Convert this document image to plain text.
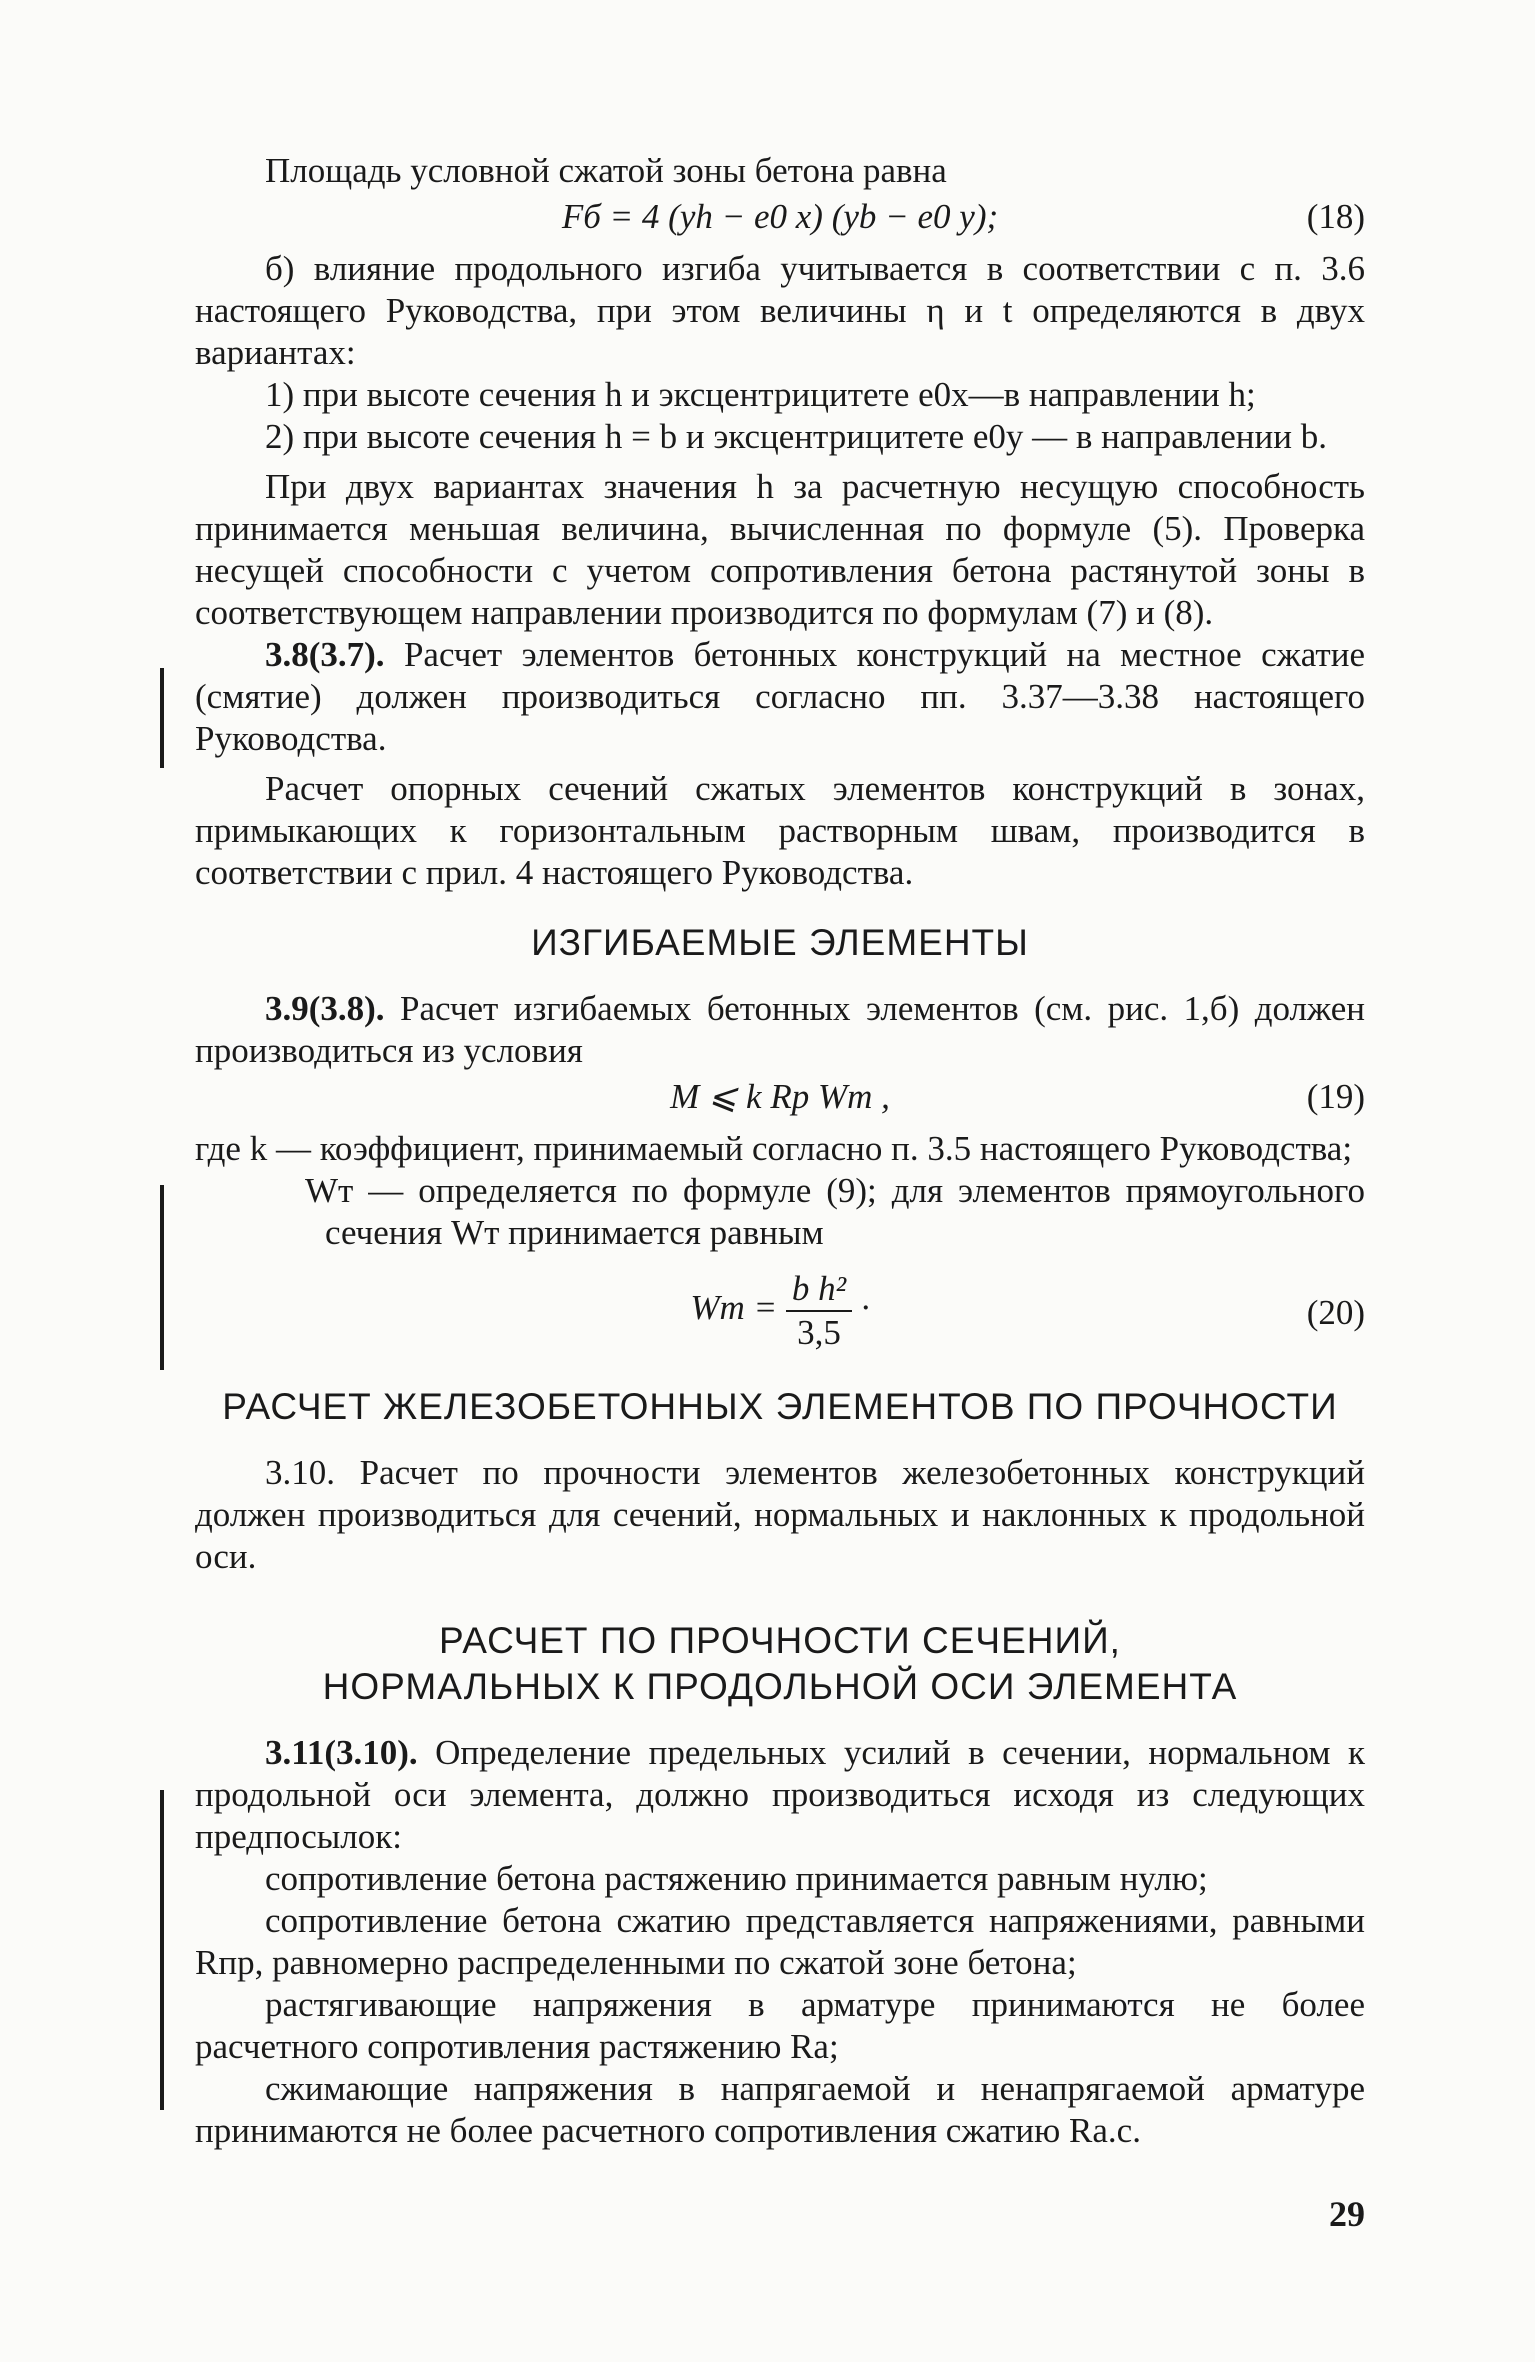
Площадь условной сжатой зоны бетона равна

Fб = 4 (yh − e0 x) (yb − e0 y);	(18)

б) влияние продольного изгиба учитывается в соответствии с п. 3.6 настоящего Руководства, при этом величины η и t определяются в двух вариантах:

1) при высоте сечения h и эксцентрицитете e0x—в направлении h;

2) при высоте сечения h = b и эксцентрицитете e0y — в направлении b.

При двух вариантах значения h за расчетную несущую способность принимается меньшая величина, вычисленная по формуле (5). Проверка несущей способности с учетом сопротивления бетона растянутой зоны в соответствующем направлении производится по формулам (7) и (8).

3.8(3.7). Расчет элементов бетонных конструкций на местное сжатие (смятие) должен производиться согласно пп. 3.37—3.38 настоящего Руководства.

Расчет опорных сечений сжатых элементов конструкций в зонах, примыкающих к горизонтальным растворным швам, производится в соответствии с прил. 4 настоящего Руководства.

ИЗГИБАЕМЫЕ ЭЛЕМЕНТЫ

3.9(3.8). Расчет изгибаемых бетонных элементов (см. рис. 1,б) должен производиться из условия

M ⩽ k Rp Wт ,	(19)

где k — коэффициент, принимаемый согласно п. 3.5 настоящего Руководства;

Wт — определяется по формуле (9); для элементов прямоугольного сечения Wт принимается равным

Wт = $\frac{\text{b h²}}{3,5}$ ·	(20)
РАСЧЕТ ЖЕЛЕЗОБЕТОННЫХ ЭЛЕМЕНТОВ ПО ПРОЧНОСТИ

3.10. Расчет по прочности элементов железобетонных конструкций должен производиться для сечений, нормальных и наклонных к продольной оси.

РАСЧЕТ ПО ПРОЧНОСТИ СЕЧЕНИЙ,
НОРМАЛЬНЫХ К ПРОДОЛЬНОЙ ОСИ ЭЛЕМЕНТА

3.11(3.10). Определение предельных усилий в сечении, нормальном к продольной оси элемента, должно производиться исходя из следующих предпосылок:

сопротивление бетона растяжению принимается равным нулю;

сопротивление бетона сжатию представляется напряжениями, равными Rпр, равномерно распределенными по сжатой зоне бетона;

растягивающие напряжения в арматуре принимаются не более расчетного сопротивления растяжению Ra;

сжимающие напряжения в напрягаемой и ненапрягаемой арматуре принимаются не более расчетного сопротивления сжатию Ra.c.

29
